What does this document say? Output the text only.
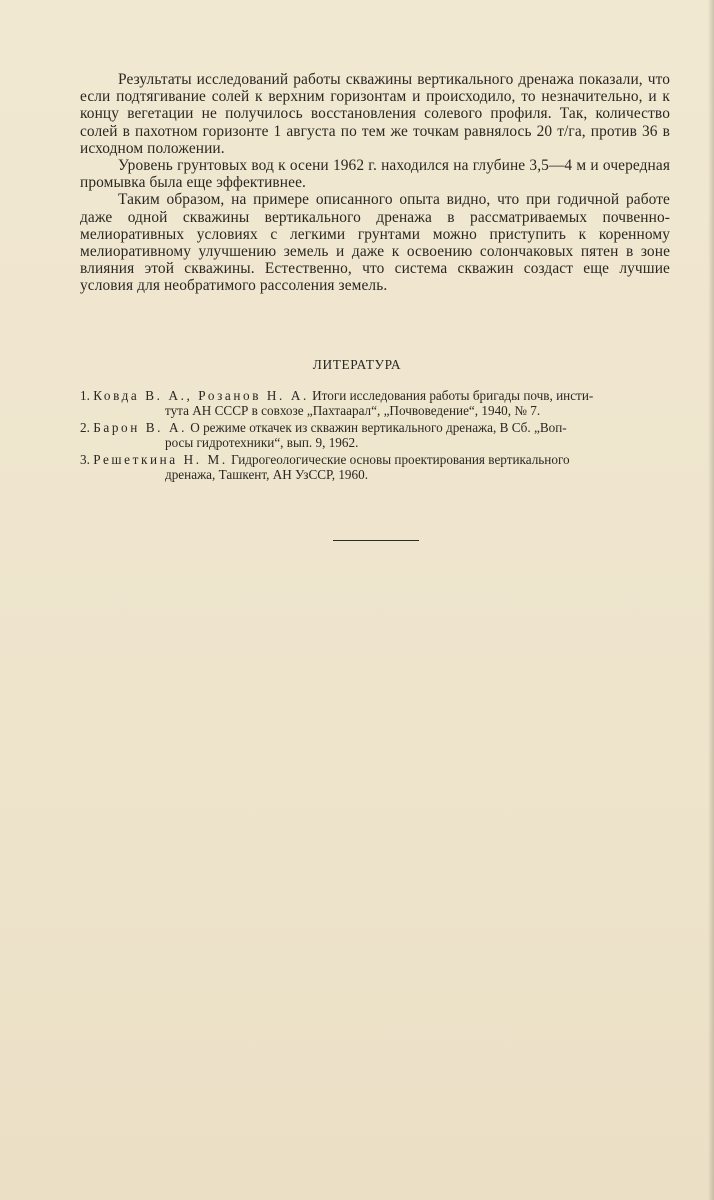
Результаты исследований работы скважины вертикального дренажа показали, что если подтягивание солей к верхним горизонтам и происходило, то незначительно, и к концу вегетации не получилось восстановления солевого профиля. Так, количество солей в пахотном горизонте 1 августа по тем же точкам равнялось 20 т/га, против 36 в исходном положении.

Уровень грунтовых вод к осени 1962 г. находился на глубине 3,5—4 м и очередная промывка была еще эффективнее.

Таким образом, на примере описанного опыта видно, что при годичной работе даже одной скважины вертикального дренажа в рассматриваемых почвенно-мелиоративных условиях с легкими грунтами можно приступить к коренному мелиоративному улучшению земель и даже к освоению солончаковых пятен в зоне влияния этой скважины. Естественно, что система скважин создаст еще лучшие условия для необратимого рассоления земель.

ЛИТЕРАТУРА
1. Ковда В. А., Розанов Н. А. Итоги исследования работы бригады почв, инсти-
тута АН СССР в совхозе „Пахтаарал“, „Почвоведение“, 1940, № 7.
2. Барон В. А. О режиме откачек из скважин вертикального дренажа, В Сб. „Воп-
росы гидротехники“, вып. 9, 1962.
3. Решеткина Н. М. Гидрогеологические основы проектирования вертикального
дренажа, Ташкент, АН УзССР, 1960.
